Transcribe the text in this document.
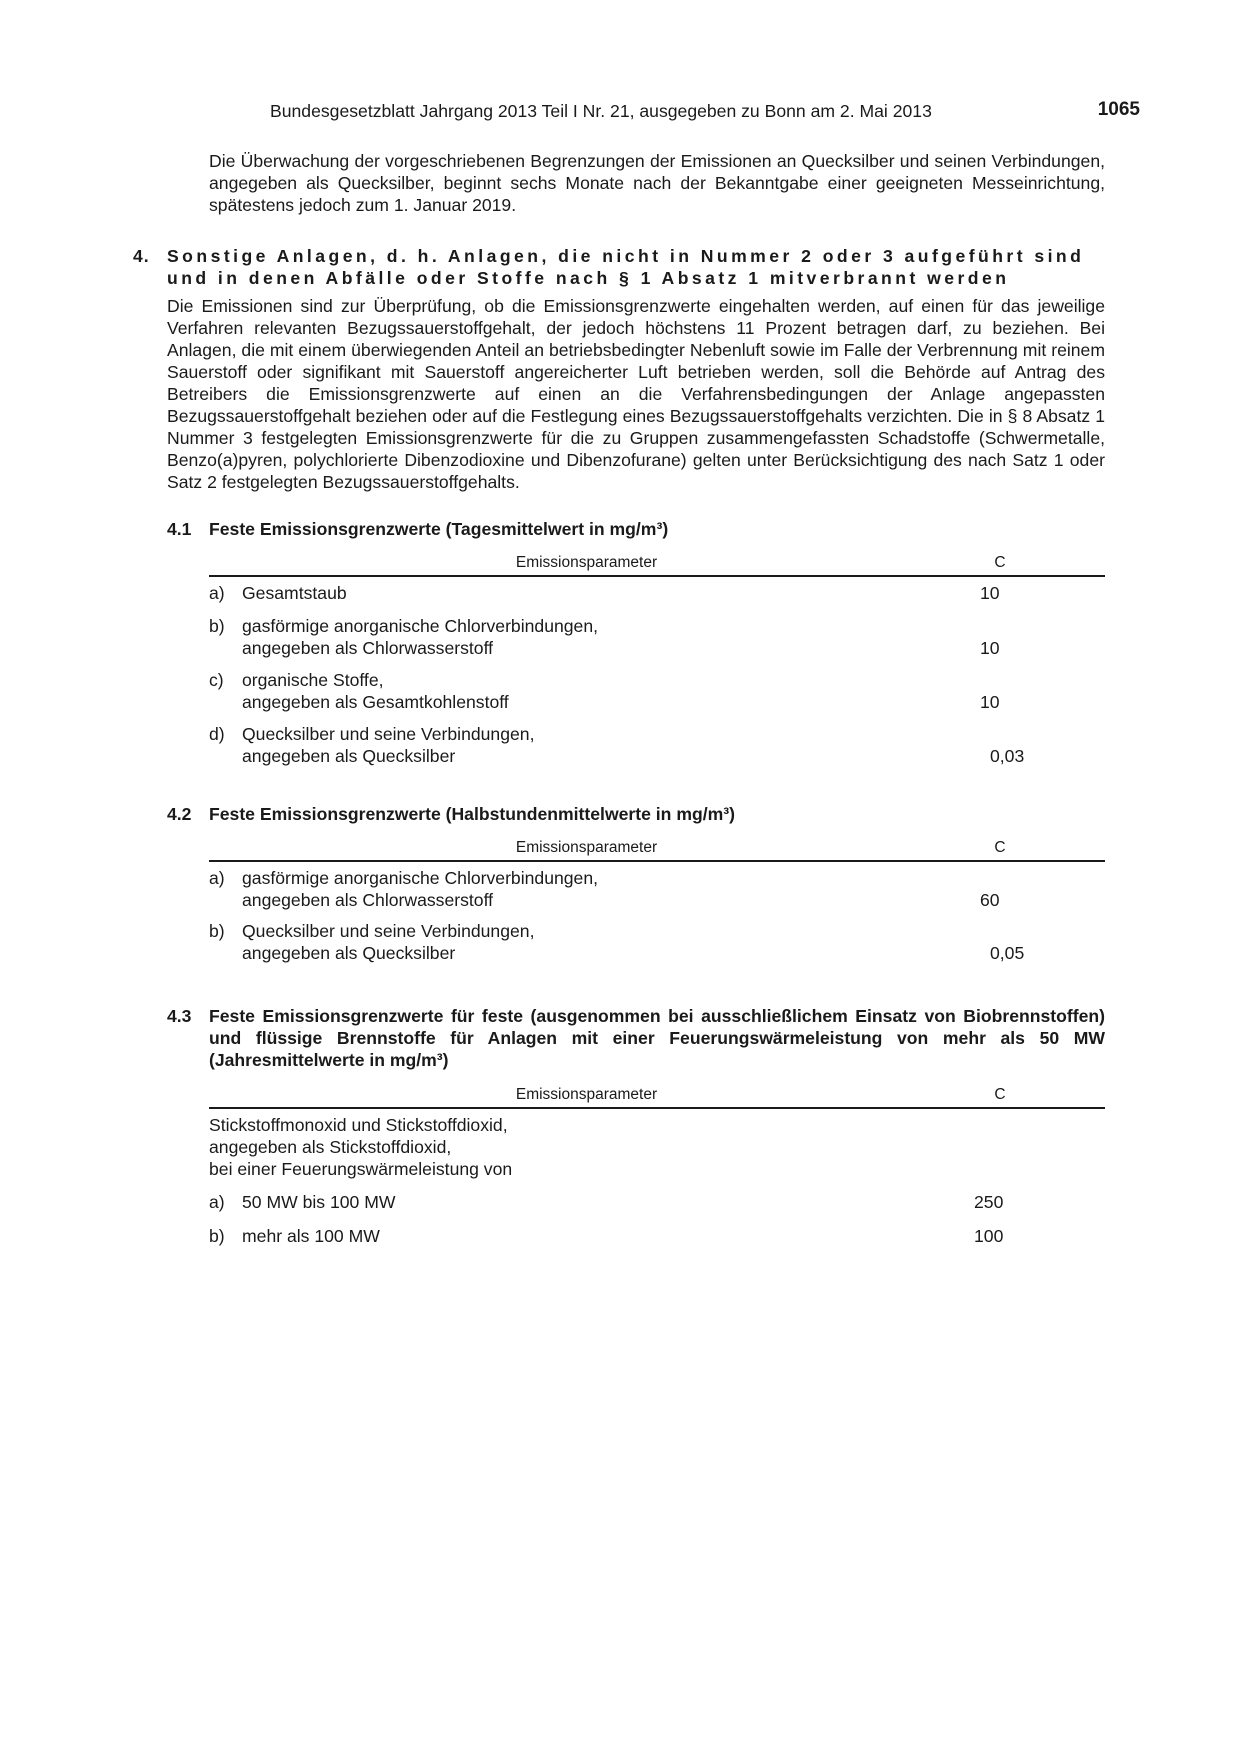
Bundesgesetzblatt Jahrgang 2013 Teil I Nr. 21, ausgegeben zu Bonn am 2. Mai 2013	1065
Die Überwachung der vorgeschriebenen Begrenzungen der Emissionen an Quecksilber und seinen Verbindungen, angegeben als Quecksilber, beginnt sechs Monate nach der Bekanntgabe einer geeigneten Messeinrichtung, spätestens jedoch zum 1. Januar 2019.
4. Sonstige Anlagen, d. h. Anlagen, die nicht in Nummer 2 oder 3 aufgeführt sind und in denen Abfälle oder Stoffe nach § 1 Absatz 1 mitverbrannt werden
Die Emissionen sind zur Überprüfung, ob die Emissionsgrenzwerte eingehalten werden, auf einen für das jeweilige Verfahren relevanten Bezugssauerstoffgehalt, der jedoch höchstens 11 Prozent betragen darf, zu beziehen. Bei Anlagen, die mit einem überwiegenden Anteil an betriebsbedingter Nebenluft sowie im Falle der Verbrennung mit reinem Sauerstoff oder signifikant mit Sauerstoff angereicherter Luft betrieben werden, soll die Behörde auf Antrag des Betreibers die Emissionsgrenzwerte auf einen an die Verfahrensbedingungen der Anlage angepassten Bezugssauerstoffgehalt beziehen oder auf die Festlegung eines Bezugssauerstoffgehalts verzichten. Die in § 8 Absatz 1 Nummer 3 festgelegten Emissionsgrenzwerte für die zu Gruppen zusammengefassten Schadstoffe (Schwermetalle, Benzo(a)pyren, polychlorierte Dibenzodioxine und Dibenzofurane) gelten unter Berücksichtigung des nach Satz 1 oder Satz 2 festgelegten Bezugssauerstoffgehalts.
4.1 Feste Emissionsgrenzwerte (Tagesmittelwert in mg/m³)
Emissionsparameter	C
a) Gesamtstaub	10
b) gasförmige anorganische Chlorverbindungen,
angegeben als Chlorwasserstoff	10
c) organische Stoffe,
angegeben als Gesamtkohlenstoff	10
d) Quecksilber und seine Verbindungen,
angegeben als Quecksilber	0,03
4.2 Feste Emissionsgrenzwerte (Halbstundenmittelwerte in mg/m³)
Emissionsparameter	C
a) gasförmige anorganische Chlorverbindungen,
angegeben als Chlorwasserstoff	60
b) Quecksilber und seine Verbindungen,
angegeben als Quecksilber	0,05
4.3 Feste Emissionsgrenzwerte für feste (ausgenommen bei ausschließlichem Einsatz von Biobrennstoffen) und flüssige Brennstoffe für Anlagen mit einer Feuerungswärmeleistung von mehr als 50 MW (Jahresmittelwerte in mg/m³)
Emissionsparameter	C
Stickstoffmonoxid und Stickstoffdioxid,
angegeben als Stickstoffdioxid,
bei einer Feuerungswärmeleistung von
a) 50 MW bis 100 MW	250
b) mehr als 100 MW	100
